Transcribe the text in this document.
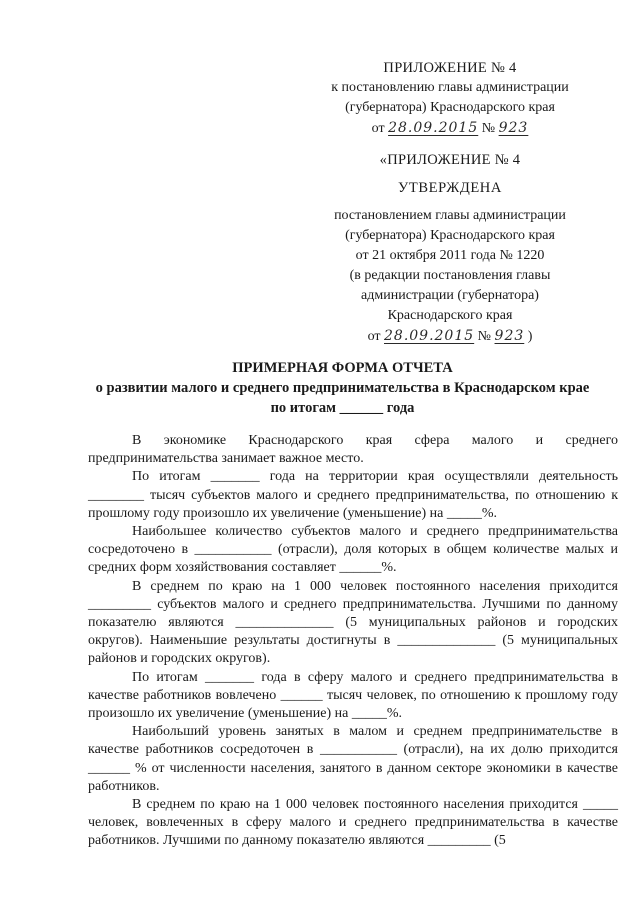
ПРИЛОЖЕНИЕ № 4
к постановлению главы администрации
(губернатора) Краснодарского края
от 28.09.2015 № 923
«ПРИЛОЖЕНИЕ № 4
УТВЕРЖДЕНА
постановлением главы администрации
(губернатора) Краснодарского края
от 21 октября 2011 года № 1220
(в редакции постановления главы
администрации (губернатора)
Краснодарского края
от 28.09.2015 № 923 )
ПРИМЕРНАЯ ФОРМА ОТЧЕТА
о развитии малого и среднего предпринимательства в Краснодарском крае
по итогам ______ года

В экономике Краснодарского края сфера малого и среднего предпринимательства занимает важное место.

По итогам _______ года на территории края осуществляли деятельность ________ тысяч субъектов малого и среднего предпринимательства, по отношению к прошлому году произошло их увеличение (уменьшение) на _____%.

Наибольшее количество субъектов малого и среднего предпринимательства сосредоточено в ___________ (отрасли), доля которых в общем количестве малых и средних форм хозяйствования составляет ______%.

В среднем по краю на 1 000 человек постоянного населения приходится _________ субъектов малого и среднего предпринимательства. Лучшими по данному показателю являются ______________ (5 муниципальных районов и городских округов). Наименьшие результаты достигнуты в ______________ (5 муниципальных районов и городских округов).

По итогам _______ года в сферу малого и среднего предпринимательства в качестве работников вовлечено ______ тысяч человек, по отношению к прошлому году произошло их увеличение (уменьшение) на _____%.

Наибольший уровень занятых в малом и среднем предпринимательстве в качестве работников сосредоточен в ___________ (отрасли), на их долю приходится ______ % от численности населения, занятого в данном секторе экономики в качестве работников.

В среднем по краю на 1 000 человек постоянного населения приходится _____ человек, вовлеченных в сферу малого и среднего предпринимательства в качестве работников. Лучшими по данному показателю являются _________ (5
